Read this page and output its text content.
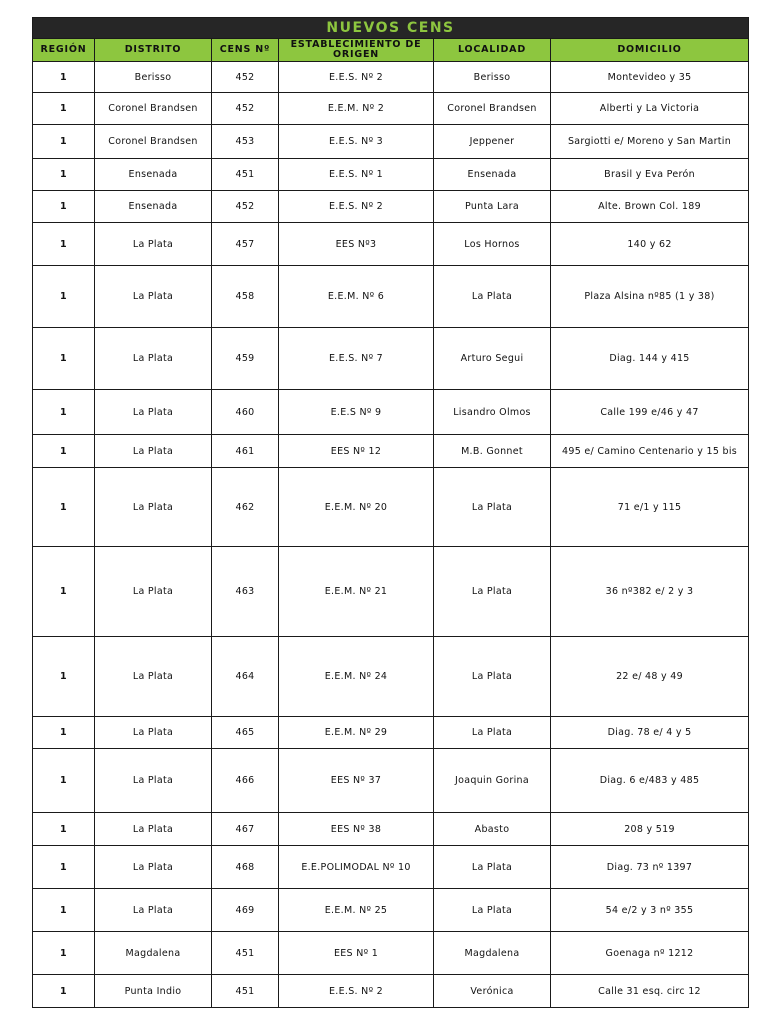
NUEVOS CENS					
REGIÓN	DISTRITO	CENS Nº	ESTABLECIMIENTO DE ORIGEN	LOCALIDAD	DOMICILIO
1	Berisso	452	E.E.S. Nº 2	Berisso	Montevideo y 35
1	Coronel Brandsen	452	E.E.M. Nº 2	Coronel Brandsen	Alberti y La Victoria
1	Coronel Brandsen	453	E.E.S. Nº 3	Jeppener	Sargiotti e/ Moreno y San Martin
1	Ensenada	451	E.E.S. Nº 1	Ensenada	Brasil y Eva Perón
1	Ensenada	452	E.E.S. Nº 2	Punta Lara	Alte. Brown Col. 189
1	La Plata	457	EES Nº3	Los Hornos	140 y 62
1	La Plata	458	E.E.M. Nº 6	La Plata	Plaza Alsina nº85 (1 y 38)
1	La Plata	459	E.E.S. Nº 7	Arturo Segui	Diag. 144 y 415
1	La Plata	460	E.E.S Nº 9	Lisandro Olmos	Calle 199 e/46 y 47
1	La Plata	461	EES Nº 12	M.B. Gonnet	495 e/ Camino Centenario y 15 bis
1	La Plata	462	E.E.M. Nº 20	La Plata	71 e/1 y 115
1	La Plata	463	E.E.M. Nº 21	La Plata	36 nº382 e/ 2 y 3
1	La Plata	464	E.E.M. Nº 24	La Plata	22 e/ 48 y 49
1	La Plata	465	E.E.M. Nº 29	La Plata	Diag. 78 e/ 4 y 5
1	La Plata	466	EES Nº 37	Joaquin Gorina	Diag. 6 e/483 y 485
1	La Plata	467	EES Nº 38	Abasto	208 y 519
1	La Plata	468	E.E.POLIMODAL Nº 10	La Plata	Diag. 73 nº 1397
1	La Plata	469	E.E.M. Nº 25	La Plata	54 e/2 y 3 nº 355
1	Magdalena	451	EES Nº 1	Magdalena	Goenaga nº 1212
1	Punta Indio	451	E.E.S. Nº 2	Verónica	Calle 31 esq. circ 12
